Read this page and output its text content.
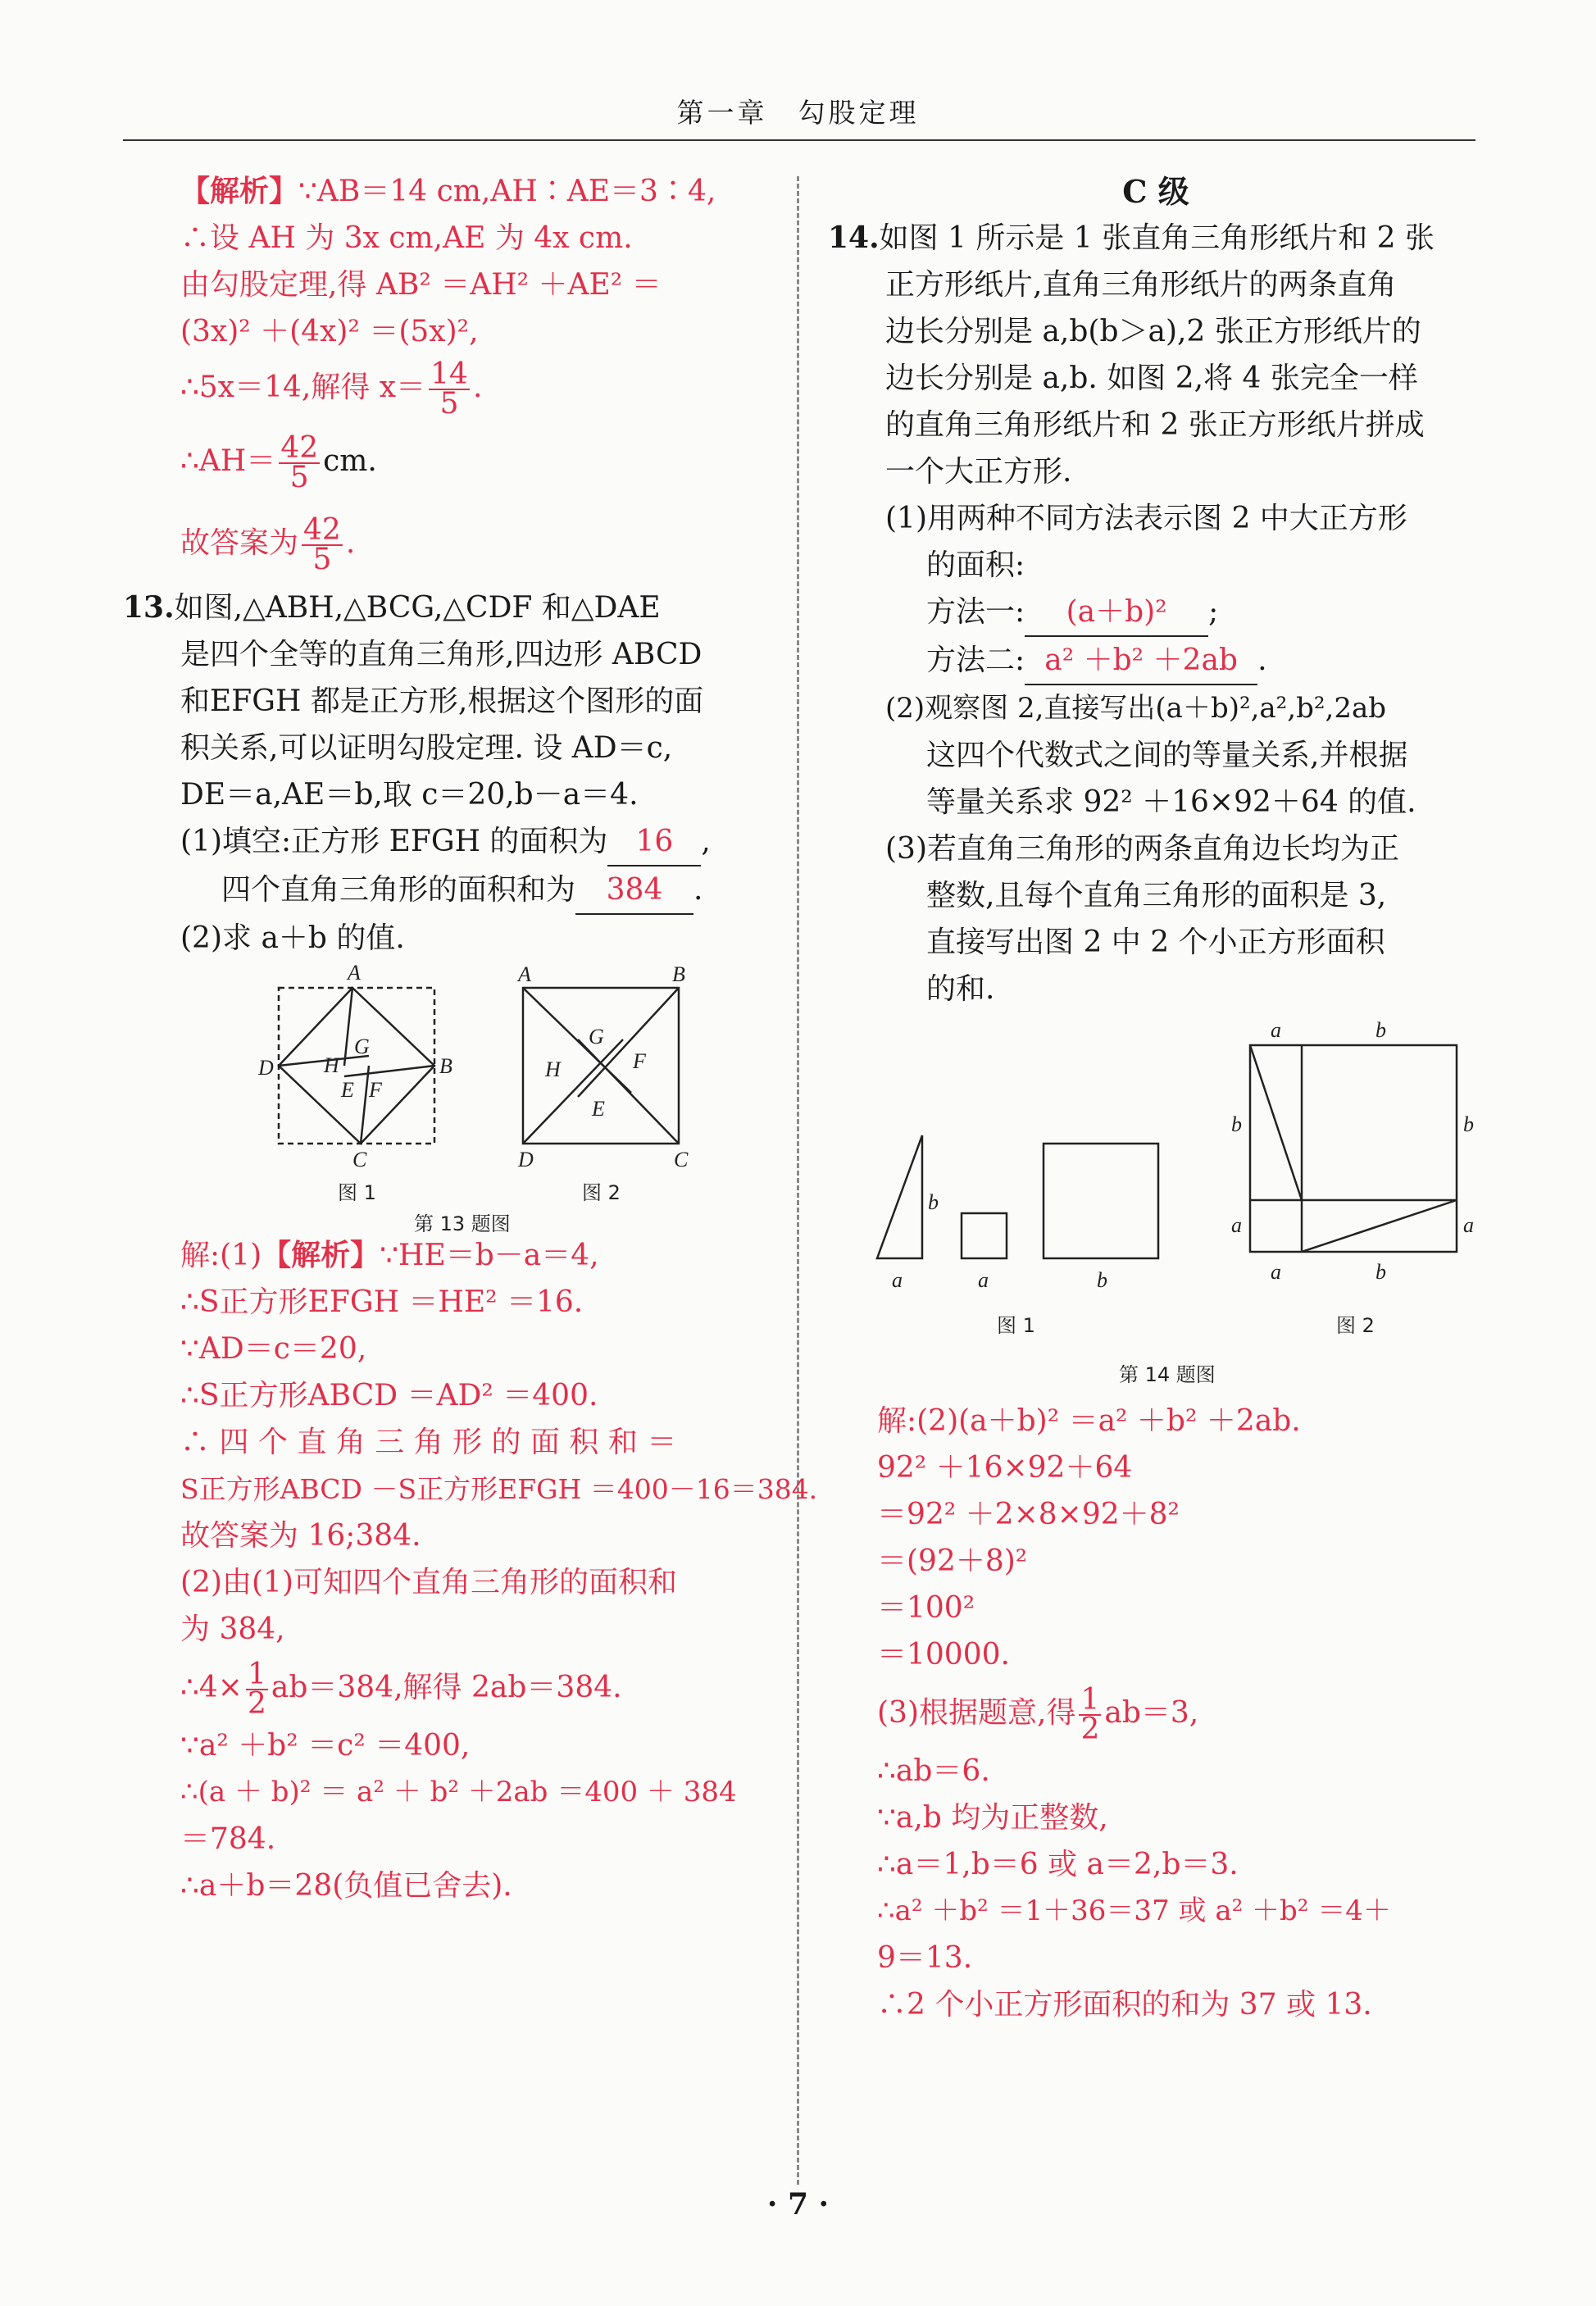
第一章　勾股定理
【解析】∵AB＝14 cm,AH∶AE＝3∶4,
∴设 AH 为 3x cm,AE 为 4x cm.
由勾股定理,得 AB² ＝AH² ＋AE² ＝
(3x)² ＋(4x)² ＝(5x)²,
∴5x＝14,解得 $x= \frac{14}{5}$ .
∴AH＝ $\frac{42}{5}$ cm.
故答案为 $\frac{42}{5}$ .
13.如图,△ABH,△BCG,△CDF 和△DAE
是四个全等的直角三角形,四边形 ABCD
和EFGH 都是正方形,根据这个图形的面
积关系,可以证明勾股定理. 设 AD＝c,
DE＝a,AE＝b,取 c＝20,b－a＝4.
(1)填空:正方形 EFGH 的面积为 16 ,
四个直角三角形的面积和为 384 .
(2)求 a＋b 的值.
A
B
C
D
E F
G
H
A	B
C
D
E
F
G
H
图 1	图 2
第 13 题图
解:(1)【解析】∵HE＝b－a＝4,
∴S正方形EFGH ＝HE² ＝16.
∵AD＝c＝20,
∴S正方形ABCD ＝AD² ＝400.
∴ 四 个 直 角 三 角 形 的 面 积 和 ＝
S正方形ABCD －S正方形EFGH ＝400－16＝384.
故答案为 16;384.
(2)由(1)可知四个直角三角形的面积和
为 384,
∴4× $\frac{1}{2} ab=384$,解得 2ab＝384.
∵a² ＋b² ＝c² ＝400,
∴(a ＋ b)² ＝ a² ＋ b² ＋2ab ＝400 ＋ 384
＝784.
∴a＋b＝28(负值已舍去).
C 级
14.如图 1 所示是 1 张直角三角形纸片和 2 张
正方形纸片,直角三角形纸片的两条直角
边长分别是 a,b(b＞a),2 张正方形纸片的
边长分别是 a,b. 如图 2,将 4 张完全一样
的直角三角形纸片和 2 张正方形纸片拼成
一个大正方形.
(1)用两种不同方法表示图 2 中大正方形
的面积:
方法一: (a＋b)² ;
方法二: a² ＋b² ＋2ab .
(2)观察图 2,直接写出(a＋b)²,a²,b²,2ab
这四个代数式之间的等量关系,并根据
等量关系求 92² ＋16×92＋64 的值.
(3)若直角三角形的两条直角边长均为正
整数,且每个直角三角形的面积是 3,
直接写出图 2 中 2 个小正方形面积
的和.
a
b
a	b
a	b
b	b
a	a
a	b
图 1	图 2
第 14 题图
解:(2)(a＋b)² ＝a² ＋b² ＋2ab.
92² ＋16×92＋64
＝92² ＋2×8×92＋8²
＝(92＋8)²
＝100²
＝10000.
(3)根据题意,得 $\frac{1}{2} ab=3$,
∴ab＝6.
∵a,b 均为正整数,
∴a＝1,b＝6 或 a＝2,b＝3.
∴a² ＋b² ＝1＋36＝37 或 a² ＋b² ＝4＋
9＝13.
∴2 个小正方形面积的和为 37 或 13.
· 7 ·
